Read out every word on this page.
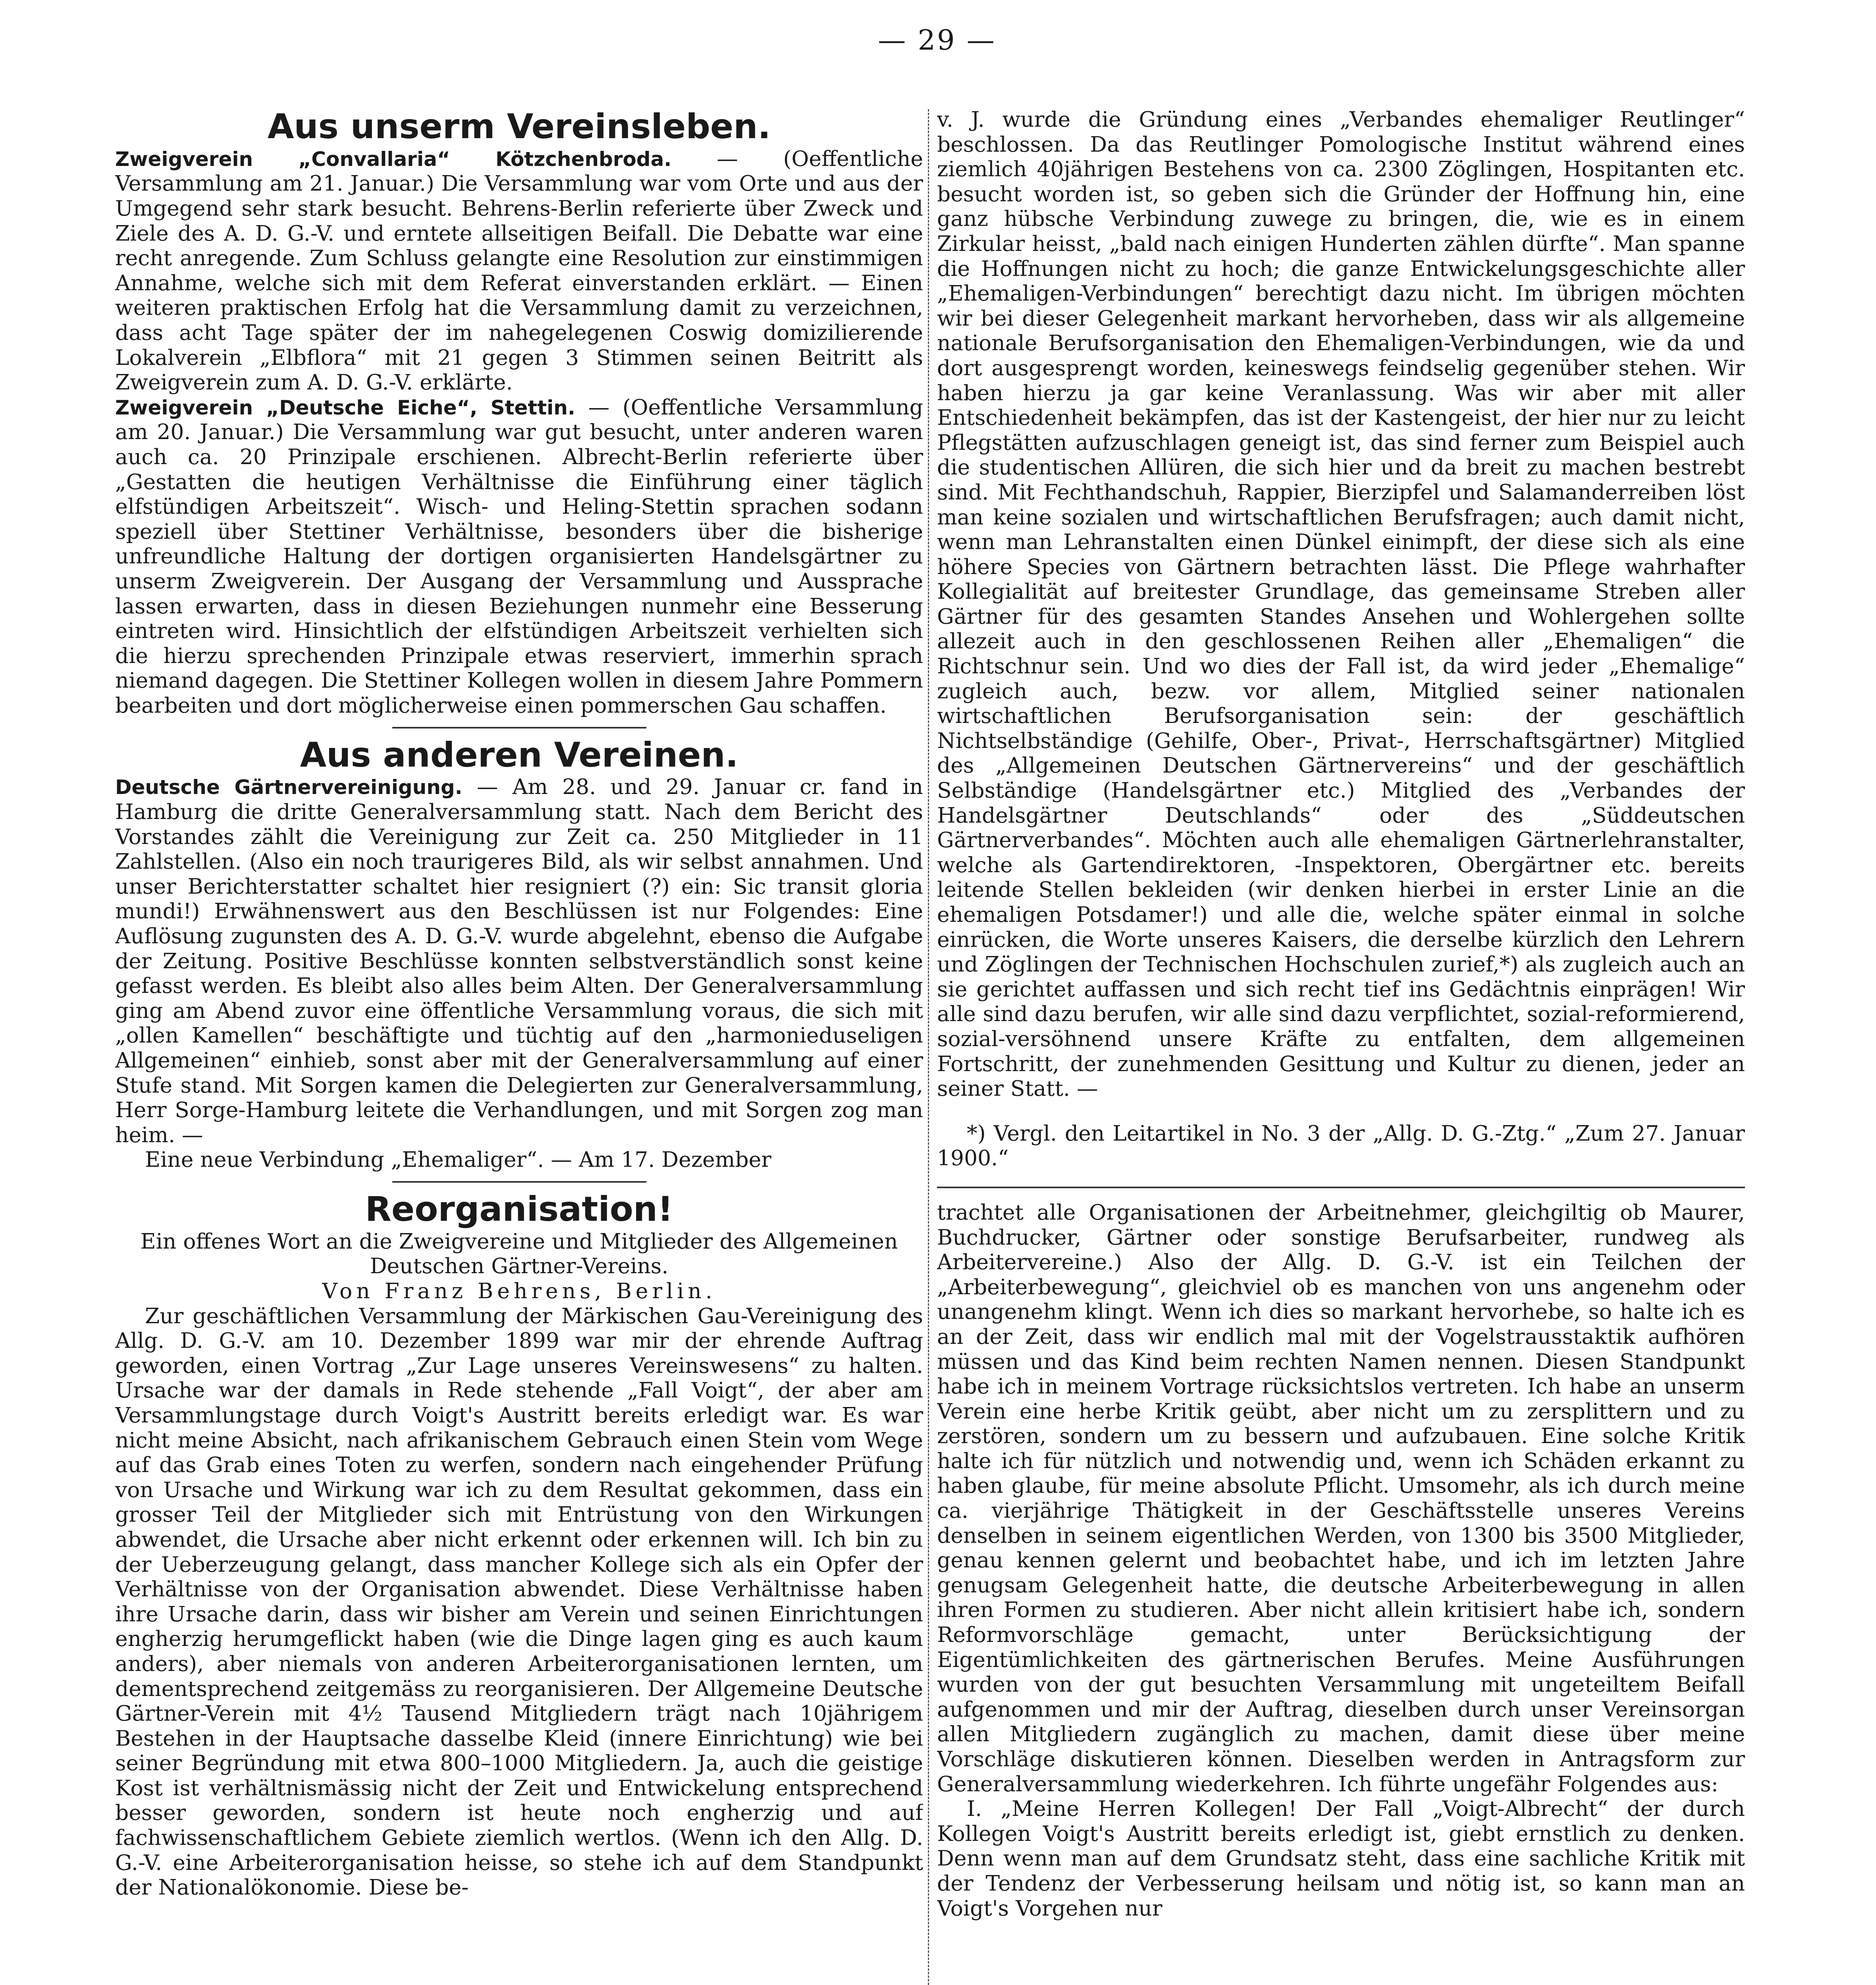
— 29 —
Aus unserm Vereinsleben.

Zweigverein „Convallaria“ Kötzchenbroda. — (Oeffentliche Versammlung am 21. Januar.) Die Versammlung war vom Orte und aus der Umgegend sehr stark besucht. Behrens-Berlin referierte über Zweck und Ziele des A. D. G.-V. und erntete allseitigen Beifall. Die Debatte war eine recht anregende. Zum Schluss gelangte eine Resolution zur einstimmigen Annahme, welche sich mit dem Referat einverstanden erklärt. — Einen weiteren praktischen Erfolg hat die Versammlung damit zu verzeichnen, dass acht Tage später der im nahegelegenen Coswig domizilierende Lokalverein „Elbflora“ mit 21 gegen 3 Stimmen seinen Beitritt als Zweigverein zum A. D. G.-V. erklärte.

Zweigverein „Deutsche Eiche“, Stettin. — (Oeffentliche Versammlung am 20. Januar.) Die Versammlung war gut besucht, unter anderen waren auch ca. 20 Prinzipale erschienen. Albrecht-Berlin referierte über „Gestatten die heutigen Verhältnisse die Einführung einer täglich elfstündigen Arbeitszeit“. Wisch- und Heling-Stettin sprachen sodann speziell über Stettiner Verhältnisse, besonders über die bisherige unfreundliche Haltung der dortigen organisierten Handelsgärtner zu unserm Zweigverein. Der Ausgang der Versammlung und Aussprache lassen erwarten, dass in diesen Beziehungen nunmehr eine Besserung eintreten wird. Hinsichtlich der elfstündigen Arbeitszeit verhielten sich die hierzu sprechenden Prinzipale etwas reserviert, immerhin sprach niemand dagegen. Die Stettiner Kollegen wollen in diesem Jahre Pommern bearbeiten und dort möglicherweise einen pommerschen Gau schaffen.

Aus anderen Vereinen.

Deutsche Gärtnervereinigung. — Am 28. und 29. Januar cr. fand in Hamburg die dritte Generalversammlung statt. Nach dem Bericht des Vorstandes zählt die Vereinigung zur Zeit ca. 250 Mitglieder in 11 Zahlstellen. (Also ein noch traurigeres Bild, als wir selbst annahmen. Und unser Berichterstatter schaltet hier resigniert (?) ein: Sic transit gloria mundi!) Erwähnenswert aus den Beschlüssen ist nur Folgendes: Eine Auflösung zugunsten des A. D. G.-V. wurde abgelehnt, ebenso die Aufgabe der Zeitung. Positive Beschlüsse konnten selbstverständlich sonst keine gefasst werden. Es bleibt also alles beim Alten. Der Generalversammlung ging am Abend zuvor eine öffentliche Versammlung voraus, die sich mit „ollen Kamellen“ beschäftigte und tüchtig auf den „harmonieduseligen Allgemeinen“ einhieb, sonst aber mit der Generalversammlung auf einer Stufe stand. Mit Sorgen kamen die Delegierten zur Generalversammlung, Herr Sorge-Hamburg leitete die Verhandlungen, und mit Sorgen zog man heim. —

Eine neue Verbindung „Ehemaliger“. — Am 17. Dezember

Reorganisation!

Ein offenes Wort an die Zweigvereine und Mitglieder des Allgemeinen Deutschen Gärtner-Vereins.

Von Franz Behrens, Berlin.

Zur geschäftlichen Versammlung der Märkischen Gau-Vereinigung des Allg. D. G.-V. am 10. Dezember 1899 war mir der ehrende Auftrag geworden, einen Vortrag „Zur Lage unseres Vereinswesens“ zu halten. Ursache war der damals in Rede stehende „Fall Voigt“, der aber am Versammlungstage durch Voigt's Austritt bereits erledigt war. Es war nicht meine Absicht, nach afrikanischem Gebrauch einen Stein vom Wege auf das Grab eines Toten zu werfen, sondern nach eingehender Prüfung von Ursache und Wirkung war ich zu dem Resultat gekommen, dass ein grosser Teil der Mitglieder sich mit Entrüstung von den Wirkungen abwendet, die Ursache aber nicht erkennt oder erkennen will. Ich bin zu der Ueberzeugung gelangt, dass mancher Kollege sich als ein Opfer der Verhältnisse von der Organisation abwendet. Diese Verhältnisse haben ihre Ursache darin, dass wir bisher am Verein und seinen Einrichtungen engherzig herumgeflickt haben (wie die Dinge lagen ging es auch kaum anders), aber niemals von anderen Arbeiterorganisationen lernten, um dementsprechend zeitgemäss zu reorganisieren. Der Allgemeine Deutsche Gärtner-Verein mit 4½ Tausend Mitgliedern trägt nach 10jährigem Bestehen in der Hauptsache dasselbe Kleid (innere Einrichtung) wie bei seiner Begründung mit etwa 800–1000 Mitgliedern. Ja, auch die geistige Kost ist verhältnismässig nicht der Zeit und Entwickelung entsprechend besser geworden, sondern ist heute noch engherzig und auf fachwissenschaftlichem Gebiete ziemlich wertlos. (Wenn ich den Allg. D. G.-V. eine Arbeiterorganisation heisse, so stehe ich auf dem Standpunkt der Nationalökonomie. Diese be-

v. J. wurde die Gründung eines „Verbandes ehemaliger Reutlinger“ beschlossen. Da das Reutlinger Pomologische Institut während eines ziemlich 40jährigen Bestehens von ca. 2300 Zöglingen, Hospitanten etc. besucht worden ist, so geben sich die Gründer der Hoffnung hin, eine ganz hübsche Verbindung zuwege zu bringen, die, wie es in einem Zirkular heisst, „bald nach einigen Hunderten zählen dürfte“. Man spanne die Hoffnungen nicht zu hoch; die ganze Entwickelungsgeschichte aller „Ehemaligen-Verbindungen“ berechtigt dazu nicht. Im übrigen möchten wir bei dieser Gelegenheit markant hervorheben, dass wir als allgemeine nationale Berufsorganisation den Ehemaligen-Verbindungen, wie da und dort ausgesprengt worden, keineswegs feindselig gegenüber stehen. Wir haben hierzu ja gar keine Veranlassung. Was wir aber mit aller Entschiedenheit bekämpfen, das ist der Kastengeist, der hier nur zu leicht Pflegstätten aufzuschlagen geneigt ist, das sind ferner zum Beispiel auch die studentischen Allüren, die sich hier und da breit zu machen bestrebt sind. Mit Fechthandschuh, Rappier, Bierzipfel und Salamanderreiben löst man keine sozialen und wirtschaftlichen Berufsfragen; auch damit nicht, wenn man Lehranstalten einen Dünkel einimpft, der diese sich als eine höhere Species von Gärtnern betrachten lässt. Die Pflege wahrhafter Kollegialität auf breitester Grundlage, das gemeinsame Streben aller Gärtner für des gesamten Standes Ansehen und Wohlergehen sollte allezeit auch in den geschlossenen Reihen aller „Ehemaligen“ die Richtschnur sein. Und wo dies der Fall ist, da wird jeder „Ehemalige“ zugleich auch, bezw. vor allem, Mitglied seiner nationalen wirtschaftlichen Berufsorganisation sein: der geschäftlich Nichtselbständige (Gehilfe, Ober-, Privat-, Herrschaftsgärtner) Mitglied des „Allgemeinen Deutschen Gärtnervereins“ und der geschäftlich Selbständige (Handelsgärtner etc.) Mitglied des „Verbandes der Handelsgärtner Deutschlands“ oder des „Süddeutschen Gärtnerverbandes“. Möchten auch alle ehemaligen Gärtnerlehranstalter, welche als Gartendirektoren, -Inspektoren, Obergärtner etc. bereits leitende Stellen bekleiden (wir denken hierbei in erster Linie an die ehemaligen Potsdamer!) und alle die, welche später einmal in solche einrücken, die Worte unseres Kaisers, die derselbe kürzlich den Lehrern und Zöglingen der Technischen Hochschulen zurief,*) als zugleich auch an sie gerichtet auffassen und sich recht tief ins Gedächtnis einprägen! Wir alle sind dazu berufen, wir alle sind dazu verpflichtet, sozial-reformierend, sozial-versöhnend unsere Kräfte zu entfalten, dem allgemeinen Fortschritt, der zunehmenden Gesittung und Kultur zu dienen, jeder an seiner Statt. —

*) Vergl. den Leitartikel in No. 3 der „Allg. D. G.-Ztg.“ „Zum 27. Januar 1900.“

trachtet alle Organisationen der Arbeitnehmer, gleichgiltig ob Maurer, Buchdrucker, Gärtner oder sonstige Berufsarbeiter, rundweg als Arbeitervereine.) Also der Allg. D. G.-V. ist ein Teilchen der „Arbeiterbewegung“, gleichviel ob es manchen von uns angenehm oder unangenehm klingt. Wenn ich dies so markant hervorhebe, so halte ich es an der Zeit, dass wir endlich mal mit der Vogelstrausstaktik aufhören müssen und das Kind beim rechten Namen nennen. Diesen Standpunkt habe ich in meinem Vortrage rücksichtslos vertreten. Ich habe an unserm Verein eine herbe Kritik geübt, aber nicht um zu zersplittern und zu zerstören, sondern um zu bessern und aufzubauen. Eine solche Kritik halte ich für nützlich und notwendig und, wenn ich Schäden erkannt zu haben glaube, für meine absolute Pflicht. Umsomehr, als ich durch meine ca. vierjährige Thätigkeit in der Geschäftsstelle unseres Vereins denselben in seinem eigentlichen Werden, von 1300 bis 3500 Mitglieder, genau kennen gelernt und beobachtet habe, und ich im letzten Jahre genugsam Gelegenheit hatte, die deutsche Arbeiterbewegung in allen ihren Formen zu studieren. Aber nicht allein kritisiert habe ich, sondern Reformvorschläge gemacht, unter Berücksichtigung der Eigentümlichkeiten des gärtnerischen Berufes. Meine Ausführungen wurden von der gut besuchten Versammlung mit ungeteiltem Beifall aufgenommen und mir der Auftrag, dieselben durch unser Vereinsorgan allen Mitgliedern zugänglich zu machen, damit diese über meine Vorschläge diskutieren können. Dieselben werden in Antragsform zur Generalversammlung wiederkehren. Ich führte ungefähr Folgendes aus:

I. „Meine Herren Kollegen! Der Fall „Voigt-Albrecht“ der durch Kollegen Voigt's Austritt bereits erledigt ist, giebt ernstlich zu denken. Denn wenn man auf dem Grundsatz steht, dass eine sachliche Kritik mit der Tendenz der Verbesserung heilsam und nötig ist, so kann man an Voigt's Vorgehen nur
